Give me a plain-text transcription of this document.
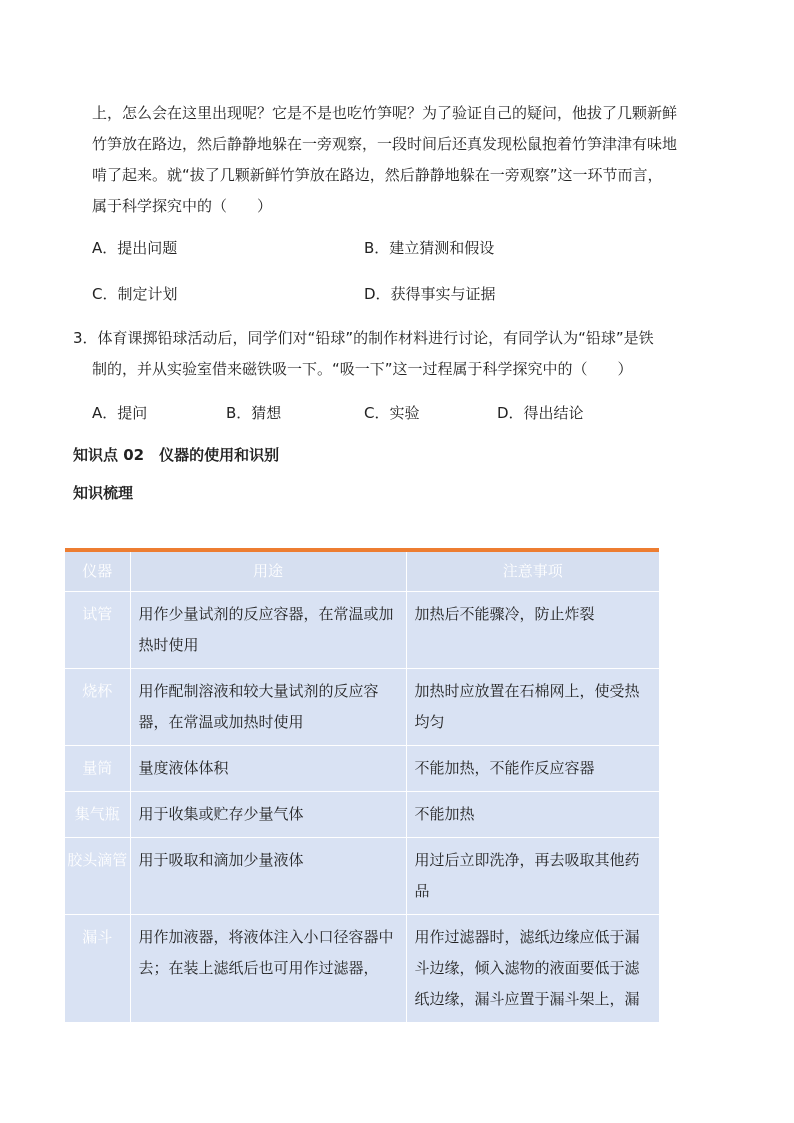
上，怎么会在这里出现呢？它是不是也吃竹笋呢？为了验证自己的疑问，他拔了几颗新鲜
竹笋放在路边，然后静静地躲在一旁观察，一段时间后还真发现松鼠抱着竹笋津津有味地
啃了起来。就“拔了几颗新鲜竹笋放在路边，然后静静地躲在一旁观察”这一环节而言，
属于科学探究中的（　　）
A．提出问题	B．建立猜测和假设
C．制定计划	D．获得事实与证据
3．体育课掷铅球活动后，同学们对“铅球”的制作材料进行讨论，有同学认为“铅球”是铁
制的，并从实验室借来磁铁吸一下。“吸一下”这一过程属于科学探究中的（　　）
A．提问	B．猜想	C．实验	D．得出结论
知识点 02　仪器的使用和识别
知识梳理
仪器	用途	注意事项
试管	用作少量试剂的反应容器，在常温或加热时使用	加热后不能骤冷，防止炸裂
烧杯	用作配制溶液和较大量试剂的反应容器，在常温或加热时使用	加热时应放置在石棉网上，使受热均匀
量筒	量度液体体积	不能加热，不能作反应容器
集气瓶	用于收集或贮存少量气体	不能加热
胶头滴管	用于吸取和滴加少量液体	用过后立即洗净，再去吸取其他药品
漏斗	用作加液器，将液体注入小口径容器中去；在装上滤纸后也可用作过滤器，	用作过滤器时，滤纸边缘应低于漏斗边缘，倾入滤物的液面要低于滤纸边缘，漏斗应置于漏斗架上，漏
